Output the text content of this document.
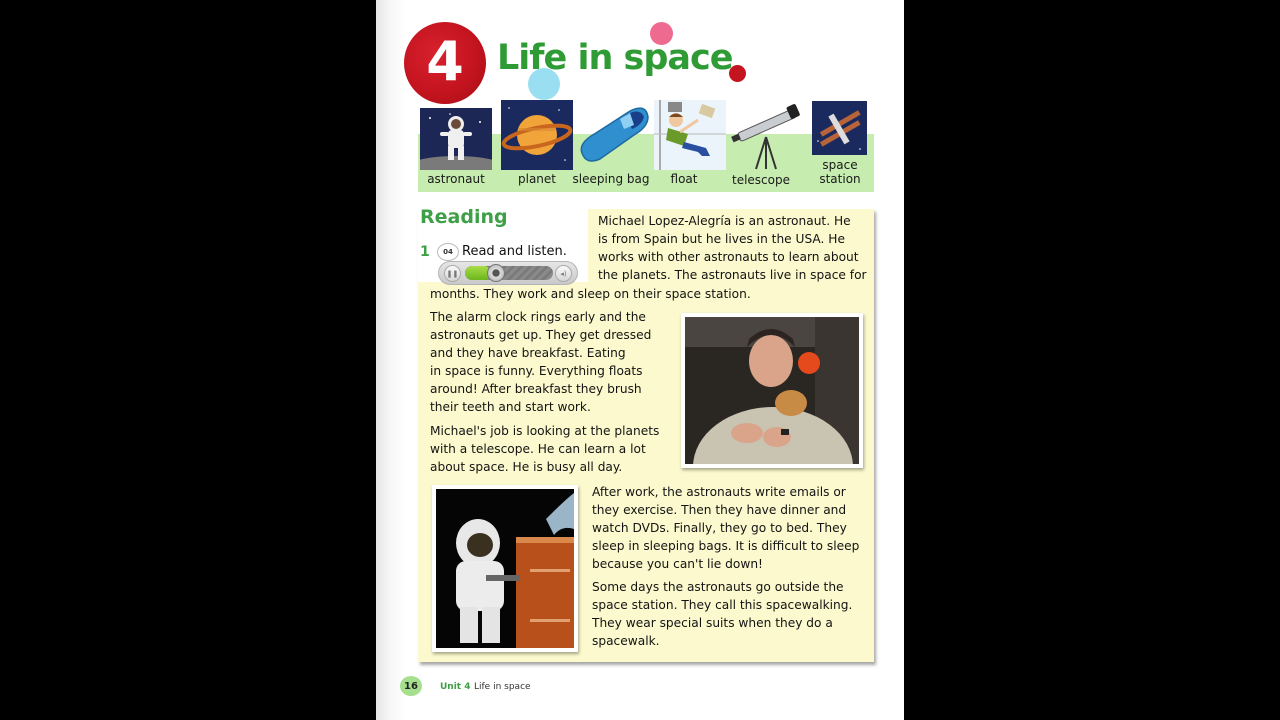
4 Life in space
astronaut	planet	sleeping bag	float	telescope
space
station
Reading
1 04 Read and listen.
❚❚	◂)
Michael Lopez-Alegría is an astronaut. He
is from Spain but he lives in the USA. He
works with other astronauts to learn about
the planets. The astronauts live in space for
months. They work and sleep on their space station.
The alarm clock rings early and the
astronauts get up. They get dressed
and they have breakfast. Eating
in space is funny. Everything floats
around! After breakfast they brush
their teeth and start work.
Michael's job is looking at the planets
with a telescope. He can learn a lot
about space. He is busy all day.
After work, the astronauts write emails or
they exercise. Then they have dinner and
watch DVDs. Finally, they go to bed. They
sleep in sleeping bags. It is difficult to sleep
because you can't lie down!
Some days the astronauts go outside the
space station. They call this spacewalking.
They wear special suits when they do a
spacewalk.
16	Unit 4 Life in space
